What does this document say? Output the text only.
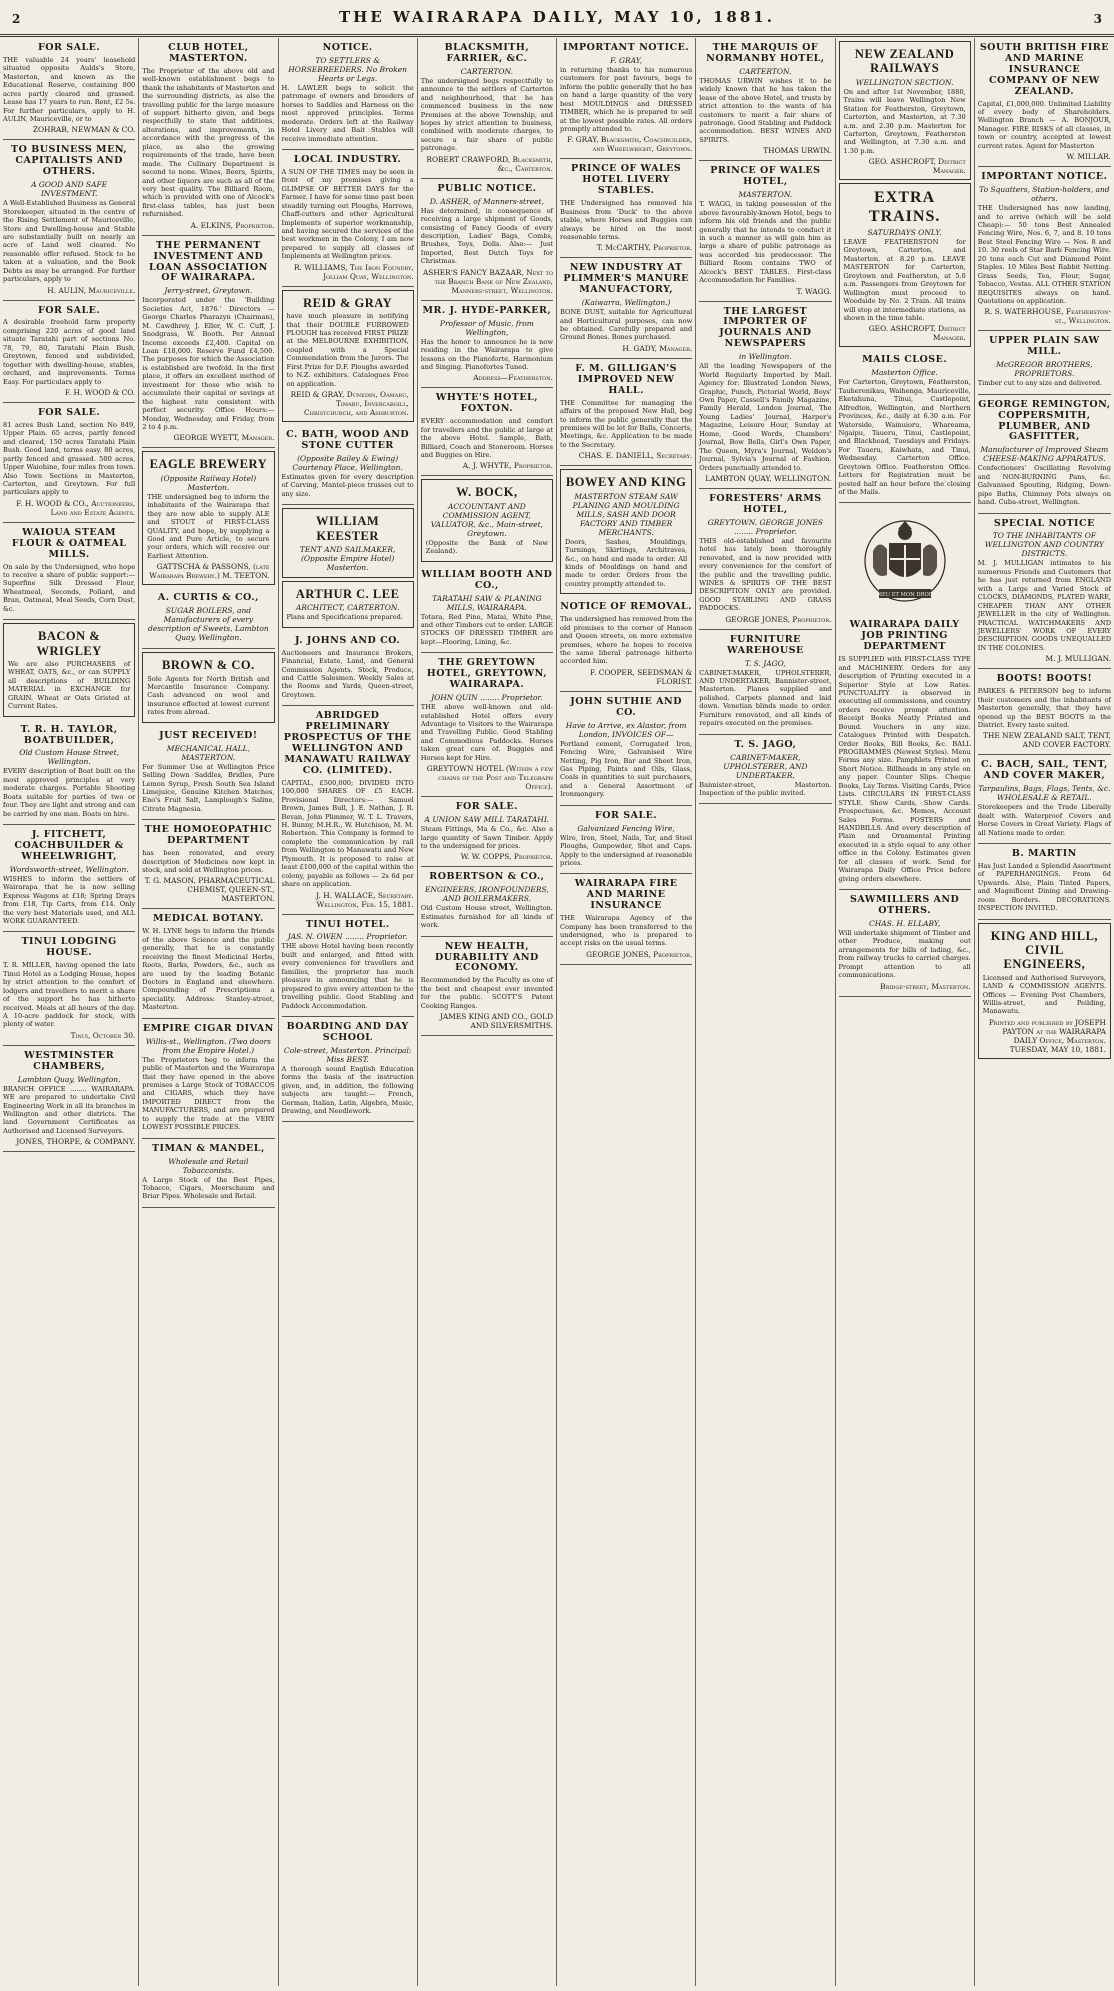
2	THE WAIRARAPA DAILY, MAY 10, 1881.	3
FOR SALE.

THE valuable 24 years' leasehold situated opposite Aulds's Store, Masterton, and known as the Educational Reserve, containing 800 acres partly cleared and grassed. Lease has 17 years to run. Rent, £2 5s. For further particulars, apply to H. AULIN, Mauriceville, or to

ZOHRAB, NEWMAN & CO.
TO BUSINESS MEN, CAPITALISTS AND OTHERS.
A GOOD AND SAFE INVESTMENT.

A Well-Established Business as General Storekeeper, situated in the centre of the Rising Settlement of Mauriceville, Store and Dwelling-house and Stable are substantially built on nearly an acre of Land well cleared. No reasonable offer refused. Stock to be taken at a valuation, and the Book Debts as may be arranged. For further particulars, apply to

H. AULIN, Mauriceville.
FOR SALE.

A desirable freehold farm property comprising 220 acres of good land situate Taratahi part of sections No. 78, 79, 80, Taratahi Plain Bush, Greytown, fenced and subdivided, together with dwelling-house, stables, orchard, and improvements. Terms Easy. For particulars apply to

F. H. WOOD & CO.
FOR SALE.

81 acres Bush Land, section No 849, Upper Plain. 65 acres, partly fenced and cleared, 150 acres Taratahi Plain Bush. Good land, terms easy. 80 acres, partly fenced and grassed. 500 acres, Upper Waiohine, four miles from town. Also Town Sections in Masterton, Carterton, and Greytown. For full particulars apply to

F. H. WOOD & CO., Auctioneers, Land and Estate Agents.
WAIOUA STEAM FLOUR & OATMEAL MILLS.

On sale by the Undersigned, who hope to receive a share of public support:— Superfine Silk Dressed Flour, Wheatmeal, Seconds, Pollard, and Bran, Oatmeal, Meal Seeds, Corn Dust, &c.

BACON & WRIGLEY

We are also PURCHASERS of WHEAT, OATS, &c., or can SUPPLY all descriptions of BUILDING MATERIAL in EXCHANGE for GRAIN. Wheat or Oats Gristed at Current Rates.

T. R. H. TAYLOR, BOATBUILDER,
Old Custom House Street, Wellington.

EVERY description of Boat built on the most approved principles at very moderate charges. Portable Shooting Boats suitable for parties of two or four. They are light and strong and can be carried by one man. Boats on hire.

J. FITCHETT, COACHBUILDER & WHEELWRIGHT,
Wordsworth-street, Wellington.

WISHES to inform the settlers of Wairarapa that he is now selling Express Wagons at £18; Spring Drays from £18, Tip Carts, from £14. Only the very best Materials used, and ALL WORK GUARANTEED.

TINUI LODGING HOUSE.

T. R. MILLER, having opened the late Tinui Hotel as a Lodging House, hopes by strict attention to the comfort of lodgers and travellers to merit a share of the support he has hitherto received. Meals at all hours of the day. A 10-acre paddock for stock, with plenty of water.

Tinui, October 30.
WESTMINSTER CHAMBERS,
Lambton Quay, Wellington.

BRANCH OFFICE ........ WAIRARAPA. WE are prepared to undertake Civil Engineering Work in all its branches in Wellington and other districts. The land Government Certificates as Authorised and Licensed Surveyors.

JONES, THORPE, & COMPANY.
CLUB HOTEL, MASTERTON.

The Proprietor of the above old and well-known establishment begs to thank the inhabitants of Masterton and the surrounding districts, as also the travelling public for the large measure of support hitherto given, and begs respectfully to state that additions, alterations, and improvements, in accordance with the progress of the place, as also the growing requirements of the trade, have been made. The Culinary Department is second to none. Wines, Beers, Spirits, and other liquors are such as all of the very best quality. The Billiard Room, which is provided with one of Alcock's first-class tables, has just been refurnished.

A. ELKINS, Proprietor.
THE PERMANENT INVESTMENT AND LOAN ASSOCIATION OF WAIRARAPA.
Jerry-street, Greytown.

Incorporated under the 'Building Societies Act, 1876.' Directors — George Charles Pharazyn (Chairman), M. Cawdhrey, J. Eller, W. C. Cuff, J. Snodgrass, W. Booth. Per Annual Income exceeds £2,400. Capital on Loan £18,000. Reserve Fund £4,500. The purposes for which the Association is established are twofold. In the first place, it offers an excellent method of investment for those who wish to accumulate their capital or savings at the highest rate consistent with perfect security. Office Hours:— Monday, Wednesday, and Friday, from 2 to 4 p.m.

GEORGE WYETT, Manager.
EAGLE BREWERY
(Opposite Railway Hotel) Masterton.

THE undersigned beg to inform the inhabitants of the Wairarapa that they are now able to supply ALE and STOUT of FIRST-CLASS QUALITY, and hope, by supplying a Good and Pure Article, to secure your orders, which will receive our Earliest Attention.

GATTSCHA & PASSONS, (late Wairarapa Brewery.) M. TEETON.
A. CURTIS & CO.,
SUGAR BOILERS, and Manufacturers of every description of Sweets, Lambton Quay, Wellington.
BROWN & CO.

Sole Agents for North British and Mercantile Insurance Company. Cash advanced on wool and insurance effected at lowest current rates from abroad.

JUST RECEIVED!
MECHANICAL HALL, MASTERTON.

For Summer Use at Wellington Price Selling Down Saddles, Bridles, Pure Lemon Syrup, Fresh South Sea Island Limejuice, Genuine Kitchen Matches, Eno's Fruit Salt, Lamplough's Saline, Citrate Magnesia.

THE HOMOEOPATHIC DEPARTMENT

has been renovated, and every description of Medicines now kept in stock, and sold at Wellington prices.

T. G. MASON, PHARMACEUTICAL CHEMIST, QUEEN-ST., MASTERTON.
MEDICAL BOTANY.

W. H. LYNE begs to inform the friends of the above Science and the public generally, that he is constantly receiving the finest Medicinal Herbs, Roots, Barks, Powders, &c., such as are used by the leading Botanic Doctors in England and elsewhere. Compounding of Prescriptions a speciality. Address: Stanley-street, Masterton.

EMPIRE CIGAR DIVAN
Willis-st., Wellington. (Two doors from the Empire Hotel.)

The Proprietors beg to inform the public of Masterton and the Wairarapa that they have opened in the above premises a Large Stock of TOBACCOS and CIGARS, which they have IMPORTED DIRECT from the MANUFACTURERS, and are prepared to supply the trade at the VERY LOWEST POSSIBLE PRICES.

TIMAN & MANDEL,
Wholesale and Retail Tobacconists.

A Large Stock of the Best Pipes, Tobacco, Cigars, Meerschaum and Briar Pipes. Wholesale and Retail.

NOTICE.
TO SETTLERS & HORSEBREEDERS. No Broken Hearts or Legs.

H. LAWLER begs to solicit the patronage of owners and breeders of horses to Saddles and Harness on the most approved principles. Terms moderate. Orders left at the Railway Hotel Livery and Bait Stables will receive immediate attention.

LOCAL INDUSTRY.

A SUN OF THE TIMES may be seen in front of my premises giving a GLIMPSE OF BETTER DAYS for the Farmer. I have for some time past been steadily turning out Ploughs, Harrows, Chaff-cutters and other Agricultural Implements of superior workmanship, and having secured the services of the best workmen in the Colony, I am now prepared to supply all classes of Implements at Wellington prices.

R. WILLIAMS, The Iron Foundry, Jolliam Quay, Wellington.
REID & GRAY

have much pleasure in notifying that their DOUBLE FURROWED PLOUGH has received FIRST PRIZE at the MELBOURNE EXHIBITION, coupled with a Special Commendation from the Jurors. The First Prize for D.F. Ploughs awarded to N.Z. exhibitors. Catalogues Free on application.

REID & GRAY, Dunedin, Oamaru, Timaru, Invercargill, Christchurch, and Ashburton.
C. BATH, WOOD AND STONE CUTTER
(Opposite Bailey & Ewing) Courtenay Place, Wellington.

Estimates given for every description of Carving, Mantel-piece trusses cut to any size.

WILLIAM KEESTER
TENT AND SAILMAKER, (Opposite Empire Hotel) Masterton.
ARTHUR C. LEE
ARCHITECT, CARTERTON.

Plans and Specifications prepared.

J. JOHNS AND CO.

Auctioneers and Insurance Brokers, Financial, Estate, Land, and General Commission Agents. Stock, Produce, and Cattle Salesmen. Weekly Sales at the Rooms and Yards, Queen-street, Greytown.

ABRIDGED PRELIMINARY PROSPECTUS OF THE WELLINGTON AND MANAWATU RAILWAY CO. (LIMITED).

CAPITAL, £500,000; DIVIDED INTO 100,000 SHARES OF £5 EACH. Provisional Directors:— Samuel Brown, James Bull, J. E. Nathan, J. R. Bevan, John Plimmer, W. T. L. Travers, H. Bunny, M.H.R., W. Hutchison, M. M. Robertson. This Company is formed to complete the communication by rail from Wellington to Manawatu and New Plymouth. It is proposed to raise at least £100,000 of the capital within the colony, payable as follows — 2s 6d per share on application.

J. H. WALLACE, Secretary. Wellington, Feb. 15, 1881.
TINUI HOTEL.
JAS. N. OWEN ........ Proprietor.

THE above Hotel having been recently built and enlarged, and fitted with every convenience for travellers and families, the proprietor has much pleasure in announcing that he is prepared to give every attention to the travelling public. Good Stabling and Paddock Accommodation.

BOARDING AND DAY SCHOOL
Cole-street, Masterton. Principal: Miss BEST.

A thorough sound English Education forms the basis of the instruction given, and, in addition, the following subjects are taught:— French, German, Italian, Latin, Algebra, Music, Drawing, and Needlework.

BLACKSMITH, FARRIER, &C.
CARTERTON.

The undersigned begs respectfully to announce to the settlers of Carterton and neighbourhood, that he has commenced business in the new Premises at the above Township, and hopes by strict attention to business, combined with moderate charges, to secure a fair share of public patronage.

ROBERT CRAWFORD, Blacksmith, &c., Carterton.
PUBLIC NOTICE.
D. ASHER, of Manners-street,

Has determined, in consequence of receiving a large shipment of Goods, consisting of Fancy Goods of every description, Ladies' Bags, Combs, Brushes, Toys, Dolls. Also:— Just Imported, Best Dutch Toys for Christmas.

ASHER'S FANCY BAZAAR, Next to the Branch Bank of New Zealand, Manners-street, Wellington.
MR. J. HYDE-PARKER,
Professor of Music, from Wellington,

Has the honor to announce he is now residing in the Wairarapa to give lessons on the Pianoforte, Harmonium and Singing. Pianofortes Tuned.

Address—Featherston.
WHYTE'S HOTEL, FOXTON.

EVERY accommodation and comfort for travellers and the public at large at the above Hotel. Sample, Bath, Billiard, Coach and Stoneroom. Horses and Buggies on Hire.

A. J. WHYTE, Proprietor.
W. BOCK,
ACCOUNTANT AND COMMISSION AGENT, VALUATOR, &c., Main-street, Greytown.

(Opposite the Bank of New Zealand).

WILLIAM BOOTH AND CO.,
TARATAHI SAW & PLANING MILLS, WAIRARAPA.

Totara, Red Pine, Matai, White Pine, and other Timbers cut to order. LARGE STOCKS OF DRESSED TIMBER are kept—Flooring, Lining, &c.

THE GREYTOWN HOTEL, GREYTOWN, WAIRARAPA.
JOHN QUIN ........ Proprietor.

THE above well-known and old-established Hotel offers every Advantage to Visitors to the Wairarapa and Travelling Public. Good Stabling and Commodious Paddocks. Horses taken great care of. Buggies and Horses kept for Hire.

GREYTOWN HOTEL (Within a few chains of the Post and Telegraph Office).
FOR SALE.
A UNION SAW MILL TARATAHI.

Steam Fittings, Ma & Co., &c. Also a large quantity of Sawn Timber. Apply to the undersigned for prices.

W. W. COPPS, Proprietor.
ROBERTSON & CO.,
ENGINEERS, IRONFOUNDERS, AND BOILERMAKERS.

Old Custom House street, Wellington. Estimates furnished for all kinds of work.

NEW HEALTH, DURABILITY AND ECONOMY.

Recommended by the Faculty as one of the best and cheapest ever invented for the public. SCOTT'S Patent Cooking Ranges.

JAMES KING AND CO., GOLD AND SILVERSMITHS.
IMPORTANT NOTICE.
F. GRAY,

in returning thanks to his numerous customers for past favours, begs to inform the public generally that he has on hand a large quantity of the very best MOULDINGS and DRESSED TIMBER, which he is prepared to sell at the lowest possible rates. All orders promptly attended to.

F. GRAY, Blacksmith, Coachbuilder, and Wheelwright, Greytown.
PRINCE OF WALES HOTEL LIVERY STABLES.

THE Undersigned has removed his Business from 'Duck' to the above stable, where Horses and Buggies can always be hired on the most reasonable terms.

T. McCARTHY, Proprietor.
NEW INDUSTRY AT PLIMMER'S MANURE MANUFACTORY,
(Kaiwarra, Wellington.)

BONE DUST, suitable for Agricultural and Horticultural purposes, can now be obtained. Carefully prepared and Ground Bones. Bones purchased.

H. GADY, Manager.
F. M. GILLIGAN'S IMPROVED NEW HALL.

THE Committee for managing the affairs of the proposed New Hall, beg to inform the public generally that the premises will be let for Balls, Concerts, Meetings, &c. Application to be made to the Secretary.

CHAS. E. DANIELL, Secretary.
BOWEY AND KING
MASTERTON STEAM SAW PLANING AND MOULDING MILLS, SASH AND DOOR FACTORY AND TIMBER MERCHANTS.

Doors, Sashes, Mouldings, Turnings, Skirtings, Architraves, &c., on hand and made to order. All kinds of Mouldings on hand and made to order. Orders from the country promptly attended to.

NOTICE OF REMOVAL.

The undersigned has removed from the old premises to the corner of Hanson and Queen streets, on more extensive premises, where he hopes to receive the same liberal patronage hitherto accorded him.

F. COOPER, SEEDSMAN & FLORIST.
JOHN SUTHIE AND CO.
Have to Arrive, ex Alastor, from London, INVOICES OF—

Portland cement, Corrugated Iron, Fencing Wire, Galvanised Wire Netting, Pig Iron, Bar and Sheet Iron, Gas Piping, Paints and Oils, Glass, Coals in quantities to suit purchasers, and a General Assortment of Ironmongery.

FOR SALE.
Galvanized Fencing Wire,

Wire, Iron, Steel, Nails, Tar, and Steel Ploughs, Gunpowder, Shot and Caps. Apply to the undersigned at reasonable prices.

WAIRARAPA FIRE AND MARINE INSURANCE

THE Wairarapa Agency of the Company has been transferred to the undersigned, who is prepared to accept risks on the usual terms.

GEORGE JONES, Proprietor.
THE MARQUIS OF NORMANBY HOTEL,
CARTERTON.

THOMAS URWIN wishes it to be widely known that he has taken the lease of the above Hotel, and trusts by strict attention to the wants of his customers to merit a fair share of patronage. Good Stabling and Paddock accommodation. BEST WINES AND SPIRITS.

THOMAS URWIN.
PRINCE OF WALES HOTEL,
MASTERTON.

T. WAGG, in taking possession of the above favourably-known Hotel, begs to inform his old friends and the public generally that he intends to conduct it in such a manner as will gain him as large a share of public patronage as was accorded his predecessor. The Billiard Room contains TWO of Alcock's BEST TABLES. First-class Accommodation for Families.

T. WAGG.
THE LARGEST IMPORTER OF JOURNALS AND NEWSPAPERS
in Wellington.

All the leading Newspapers of the World Regularly Imported by Mail. Agency for: Illustrated London News, Graphic, Punch, Pictorial World, Boys' Own Paper, Cassell's Family Magazine, Family Herald, London Journal, The Young Ladies' Journal, Harper's Magazine, Leisure Hour, Sunday at Home, Good Words, Chambers' Journal, Bow Bells, Girl's Own Paper, The Queen, Myra's Journal, Weldon's Journal, Sylvia's Journal of Fashion. Orders punctually attended to.

LAMBTON QUAY, WELLINGTON.
FORESTERS' ARMS HOTEL,
GREYTOWN. GEORGE JONES ........ Proprietor.

THIS old-established and favourite hotel has lately been thoroughly renovated, and is now provided with every convenience for the comfort of the public and the travelling public. WINES & SPIRITS OF THE BEST DESCRIPTION ONLY are provided. GOOD STABLING AND GRASS PADDOCKS.

GEORGE JONES, Proprietor.
FURNITURE WAREHOUSE
T. S. JAGO,

CABINET-MAKER, UPHOLSTERER, AND UNDERTAKER, Bannister-street, Masterton. Planes supplied and polished. Carpets planned and laid down. Venetian blinds made to order. Furniture renovated, and all kinds of repairs executed on the premises.

T. S. JAGO,
CABINET-MAKER, UPHOLSTERER, AND UNDERTAKER,

Bannister-street, Masterton. Inspection of the public invited.

NEW ZEALAND RAILWAYS
WELLINGTON SECTION.

On and after 1st November, 1880, Trains will leave Wellington New Station for Featherston, Greytown, Carterton, and Masterton, at 7.30 a.m. and 2.30 p.m. Masterton for Carterton, Greytown, Featherston and Wellington, at 7.30 a.m. and 1.30 p.m.

GEO. ASHCROFT, District Manager.
EXTRA TRAINS.
SATURDAYS ONLY.

LEAVE FEATHERSTON for Greytown, Carterton, and Masterton, at 8.20 p.m. LEAVE MASTERTON for Carterton, Greytown and Featherston, at 5.0 a.m. Passengers from Greytown for Wellington must proceed to Woodside by No. 2 Train. All trains will stop at intermediate stations, as shown in the time table.

GEO. ASHCROFT, District Manager.
MAILS CLOSE.
Masterton Office.

For Carterton, Greytown, Featherston, Tauherenikau, Waihenga, Mauriceville, Eketahuna, Tinui, Castlepoint, Alfredton, Wellington, and Northern Provinces, &c., daily at 6.30 a.m. For Waterside, Wainuioru, Whareama, Ngaipu, Taueru, Tinui, Castlepoint, and Blackhead, Tuesdays and Fridays. For Taueru, Kaiwhata, and Tinui, Wednesday. Carterton Office. Greytown Office. Featherston Office. Letters for Registration must be posted half an hour before the closing of the Mails.

DIEU ET MON DROIT
WAIRARAPA DAILY JOB PRINTING DEPARTMENT

IS SUPPLIED with FIRST-CLASS TYPE and MACHINERY. Orders for any description of Printing executed in a Superior Style at Low Rates. PUNCTUALITY is observed in executing all commissions, and country orders receive prompt attention. Receipt Books Neatly Printed and Bound. Vouchers in any size. Catalogues Printed with Despatch. Order Books, Bill Books, &c. BALL PROGRAMMES (Newest Styles). Menu Forms any size. Pamphlets Printed on Short Notice. Billheads in any style on any paper. Counter Slips. Cheque Books, Lay Terms. Visiting Cards, Price Lists. CIRCULARS IN FIRST-CLASS STYLE. Show Cards, Show Cards. Prospectuses, &c. Memos, Account Sales Forms. POSTERS and HANDBILLS. And every description of Plain and Ornamental Printing executed in a style equal to any other office in the Colony. Estimates given for all classes of work. Send for Wairarapa Daily Office Price before giving orders elsewhere.

SAWMILLERS AND OTHERS.
CHAS. H. ELLABY,

Will undertake shipment of Timber and other Produce, making out arrangements for bills of lading, &c., from railway trucks to carried charges. Prompt attention to all communications.

Bridge-street, Masterton.
SOUTH BRITISH FIRE AND MARINE INSURANCE COMPANY OF NEW ZEALAND.

Capital, £1,000,000. Unlimited Liability of every body of Shareholders. Wellington Branch — A. BONJOUR, Manager. FIRE RISKS of all classes, in town or country, accepted at lowest current rates. Agent for Masterton

W. MILLAR.
IMPORTANT NOTICE.
To Squatters, Station-holders, and others.

THE Undersigned has now landing, and to arrive (which will be sold Cheap):— 50 tons Best Annealed Fencing Wire, Nos. 6, 7, and 8. 10 tons Best Steel Fencing Wire — Nos. 8 and 10. 30 reels of Star Barb Fencing Wire. 20 tons each Cut and Diamond Point Staples. 10 Miles Best Rabbit Netting. Grass Seeds, Tea, Flour, Sugar, Tobacco, Vestas. ALL OTHER STATION REQUISITES always on hand. Quotations on application.

R. S. WATERHOUSE, Featherston-st., Wellington.
UPPER PLAIN SAW MILL.
McGREGOR BROTHERS, PROPRIETORS.

Timber cut to any size and delivered.

GEORGE REMINGTON, COPPERSMITH, PLUMBER, AND GASFITTER,
Manufacturer of Improved Steam CHEESE-MAKING APPARATUS.

Confectioners' Oscillating Revolving and NON-BURNING Pans, &c. Galvanised Spouting, Ridging, Down-pipe Baths, Chimney Pots always on hand. Cuba-street, Wellington.

SPECIAL NOTICE
TO THE INHABITANTS OF WELLINGTON AND COUNTRY DISTRICTS.

M. J. MULLIGAN intimates to his numerous Friends and Customers that he has just returned from ENGLAND with a Large and Varied Stock of CLOCKS, DIAMONDS, PLATED WARE, CHEAPER THAN ANY OTHER JEWELLER in the city of Wellington. PRACTICAL WATCHMAKERS AND JEWELLERS' WORK OF EVERY DESCRIPTION. GOODS UNEQUALLED IN THE COLONIES.

M. J. MULLIGAN.
BOOTS! BOOTS!

PARKES & PETERSON beg to inform their customers and the inhabitants of Masterton generally, that they have opened up the BEST BOOTS in the District. Every taste suited.

THE NEW ZEALAND SALT, TENT, AND COVER FACTORY.
C. BACH, SAIL, TENT, AND COVER MAKER,
Tarpaulins, Bags, Flags, Tents, &c. WHOLESALE & RETAIL.

Storekeepers and the Trade Liberally dealt with. Waterproof Covers and Horse Covers in Great Variety. Flags of all Nations made to order.

B. MARTIN

Has Just Landed a Splendid Assortment of PAPERHANGINGS. From 6d Upwards. Also, Plain Tinted Papers, and Magnificent Dining and Drawing-room Borders. DECORATIONS. INSPECTION INVITED.

KING AND HILL, CIVIL ENGINEERS,

Licensed and Authorised Surveyors, LAND & COMMISSION AGENTS. Offices — Evening Post Chambers, Willis-street, and Peilding, Manawatu.

Printed and published by JOSEPH PAYTON at the WAIRARAPA DAILY Office, Masterton. TUESDAY, MAY 10, 1881.
